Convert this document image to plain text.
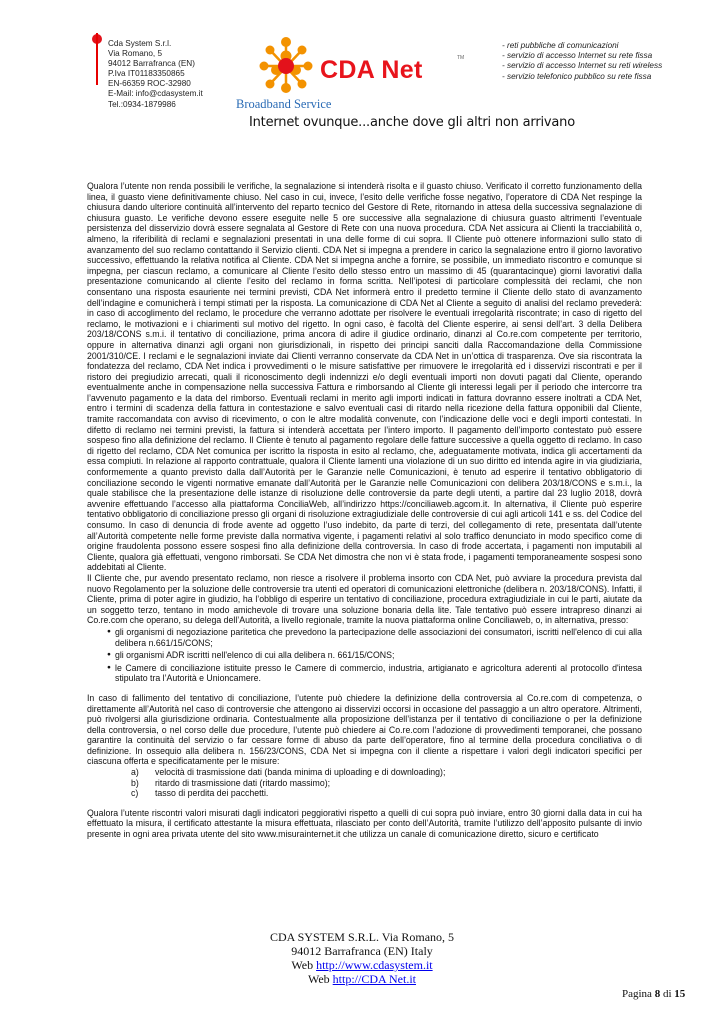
Cda System S.r.l.
Via Romano, 5
94012 Barrafranca (EN)
P.Iva IT01183350865
EN-66359 ROC-32980
E-Mail: info@cdasystem.it
Tel.:0934-1879986
CDA Net	TM
Broadband Service
Internet ovunque...anche dove gli altri non arrivano
- reti pubbliche di comunicazioni
- servizio di accesso Internet su rete fissa
- servizio di accesso Internet su reti wireless
- servizio telefonico pubblico su rete fissa

Qualora l’utente non renda possibili le verifiche, la segnalazione si intenderà risolta e il guasto chiuso. Verificato il corretto funzionamento della linea, il guasto viene definitivamente chiuso. Nel caso in cui, invece, l’esito delle verifiche fosse negativo, l’operatore di CDA Net respinge la chiusura dando ulteriore continuità all’intervento del reparto tecnico del Gestore di Rete, ritornando in attesa della successiva segnalazione di chiusura guasto. Le verifiche devono essere eseguite nelle 5 ore successive alla segnalazione di chiusura guasto altrimenti l’eventuale persistenza del disservizio dovrà essere segnalata al Gestore di Rete con una nuova procedura. CDA Net assicura ai Clienti la tracciabilità o, almeno, la riferibilità di reclami e segnalazioni presentati in una delle forme di cui sopra. Il Cliente può ottenere informazioni sullo stato di avanzamento del suo reclamo contattando il Servizio clienti. CDA Net si impegna a prendere in carico la segnalazione entro il giorno lavorativo successivo, effettuando la relativa notifica al Cliente. CDA Net si impegna anche a fornire, se possibile, un immediato riscontro e comunque si impegna, per ciascun reclamo, a comunicare al Cliente l’esito dello stesso entro un massimo di 45 (quarantacinque) giorni lavorativi dalla presentazione comunicando al cliente l’esito del reclamo in forma scritta. Nell’ipotesi di particolare complessità dei reclami, che non consentano una risposta esauriente nei termini previsti, CDA Net informerà entro il predetto termine il Cliente dello stato di avanzamento dell’indagine e comunicherà i tempi stimati per la risposta. La comunicazione di CDA Net al Cliente a seguito di analisi del reclamo prevederà: in caso di accoglimento del reclamo, le procedure che verranno adottate per risolvere le eventuali irregolarità riscontrate; in caso di rigetto del reclamo, le motivazioni e i chiarimenti sul motivo del rigetto. In ogni caso, è facoltà del Cliente esperire, ai sensi dell’art. 3 della Delibera 203/18/CONS s.m.i. il tentativo di conciliazione, prima ancora di adire il giudice ordinario, dinanzi al Co.re.com competente per territorio, oppure in alternativa dinanzi agli organi non giurisdizionali, in rispetto dei principi sanciti dalla Raccomandazione della Commissione 2001/310/CE. I reclami e le segnalazioni inviate dai Clienti verranno conservate da CDA Net in un’ottica di trasparenza. Ove sia riscontrata la fondatezza del reclamo, CDA Net indica i provvedimenti o le misure satisfattive per rimuovere le irregolarità ed i disservizi riscontrati e per il ristoro dei pregiudizio arrecati, quali il riconoscimento degli indennizzi e/o degli eventuali importi non dovuti pagati dal Cliente, operando eventualmente anche in compensazione nella successiva Fattura e rimborsando al Cliente gli interessi legali per il periodo che intercorre tra l’avvenuto pagamento e la data del rimborso. Eventuali reclami in merito agli importi indicati in fattura dovranno essere inoltrati a CDA Net, entro i termini di scadenza della fattura in contestazione e salvo eventuali casi di ritardo nella ricezione della fattura opponibili dal Cliente, tramite raccomandata con avviso di ricevimento, o con le altre modalità convenute, con l’indicazione delle voci e degli importi contestati. In difetto di reclamo nei termini previsti, la fattura si intenderà accettata per l’intero importo. Il pagamento dell’importo contestato può essere sospeso fino alla definizione del reclamo. Il Cliente è tenuto al pagamento regolare delle fatture successive a quella oggetto di reclamo. In caso di rigetto del reclamo, CDA Net comunica per iscritto la risposta in esito al reclamo, che, adeguatamente motivata, indica gli accertamenti da essa compiuti. In relazione al rapporto contrattuale, qualora il Cliente lamenti una violazione di un suo diritto ed intenda agire in via giudiziaria, conformemente a quanto previsto dalla dall’Autorità per le Garanzie nelle Comunicazioni, è tenuto ad esperire il tentativo obbligatorio di conciliazione secondo le vigenti normative emanate dall’Autorità per le Garanzie nelle Comunicazioni con delibera 203/18/CONS e s.m.i., la quale stabilisce che la presentazione delle istanze di risoluzione delle controversie da parte degli utenti, a partire dal 23 luglio 2018, dovrà avvenire effettuando l’accesso alla piattaforma ConciliaWeb, all’indirizzo https://conciliaweb.agcom.it. In alternativa, il Cliente può esperire tentativo obbligatorio di conciliazione presso gli organi di risoluzione extragiudiziale delle controversie di cui agli articoli 141 e ss. del Codice del consumo. In caso di denuncia di frode avente ad oggetto l’uso indebito, da parte di terzi, del collegamento di rete, presentata dall’utente all’Autorità competente nelle forme previste dalla normativa vigente, i pagamenti relativi al solo traffico denunciato in modo specifico come di origine fraudolenta possono essere sospesi fino alla definizione della controversia. In caso di frode accertata, i pagamenti non imputabili al Cliente, qualora già effettuati, vengono rimborsati. Se CDA Net dimostra che non vi è stata frode, i pagamenti temporaneamente sospesi sono addebitati al Cliente.

Il Cliente che, pur avendo presentato reclamo, non riesce a risolvere il problema insorto con CDA Net, può avviare la procedura prevista dal nuovo Regolamento per la soluzione delle controversie tra utenti ed operatori di comunicazioni elettroniche (delibera n. 203/18/CONS). Infatti, il Cliente, prima di poter agire in giudizio, ha l’obbligo di esperire un tentativo di conciliazione, procedura extragiudiziale in cui le parti, aiutate da un soggetto terzo, tentano in modo amichevole di trovare una soluzione bonaria della lite. Tale tentativo può essere intrapreso dinanzi ai Co.re.com che operano, su delega dell’Autorità, a livello regionale, tramite la nuova piattaforma online Conciliaweb, o, in alternativa, presso:

● gli organismi di negoziazione paritetica che prevedono la partecipazione delle associazioni dei consumatori, iscritti nell'elenco di cui alla delibera n.661/15/CONS;
● gli organismi ADR iscritti nell'elenco di cui alla delibera n. 661/15/CONS;
● le Camere di conciliazione istituite presso le Camere di commercio, industria, artigianato e agricoltura aderenti al protocollo d'intesa stipulato tra l’Autorità e Unioncamere.

In caso di fallimento del tentativo di conciliazione, l’utente può chiedere la definizione della controversia al Co.re.com di competenza, o direttamente all’Autorità nel caso di controversie che attengono ai disservizi occorsi in occasione del passaggio a un altro operatore. Altrimenti, può rivolgersi alla giurisdizione ordinaria. Contestualmente alla proposizione dell’istanza per il tentativo di conciliazione o per la definizione della controversia, o nel corso delle due procedure, l’utente può chiedere ai Co.re.com l’adozione di provvedimenti temporanei, che possano garantire la continuità del servizio o far cessare forme di abuso da parte dell’operatore, fino al termine della procedura conciliativa o di definizione. In ossequio alla delibera n. 156/23/CONS, CDA Net si impegna con il cliente a rispettare i valori degli indicatori specifici per ciascuna offerta e specificatamente per le misure:

a) velocità di trasmissione dati (banda minima di uploading e di downloading);
b) ritardo di trasmissione dati (ritardo massimo);
c) tasso di perdita dei pacchetti.

Qualora l’utente riscontri valori misurati dagli indicatori peggiorativi rispetto a quelli di cui sopra può inviare, entro 30 giorni dalla data in cui ha effettuato la misura, il certificato attestante la misura effettuata, rilasciato per conto dell’Autorità, tramite l’utilizzo dell’apposito pulsante di invio presente in ogni area privata utente del sito www.misurainternet.it che utilizza un canale di comunicazione diretto, sicuro e certificato

CDA SYSTEM S.R.L. Via Romano, 5
94012 Barrafranca (EN) Italy
Web http://www.cdasystem.it
Web http://CDA Net.it
Pagina 8 di 15
